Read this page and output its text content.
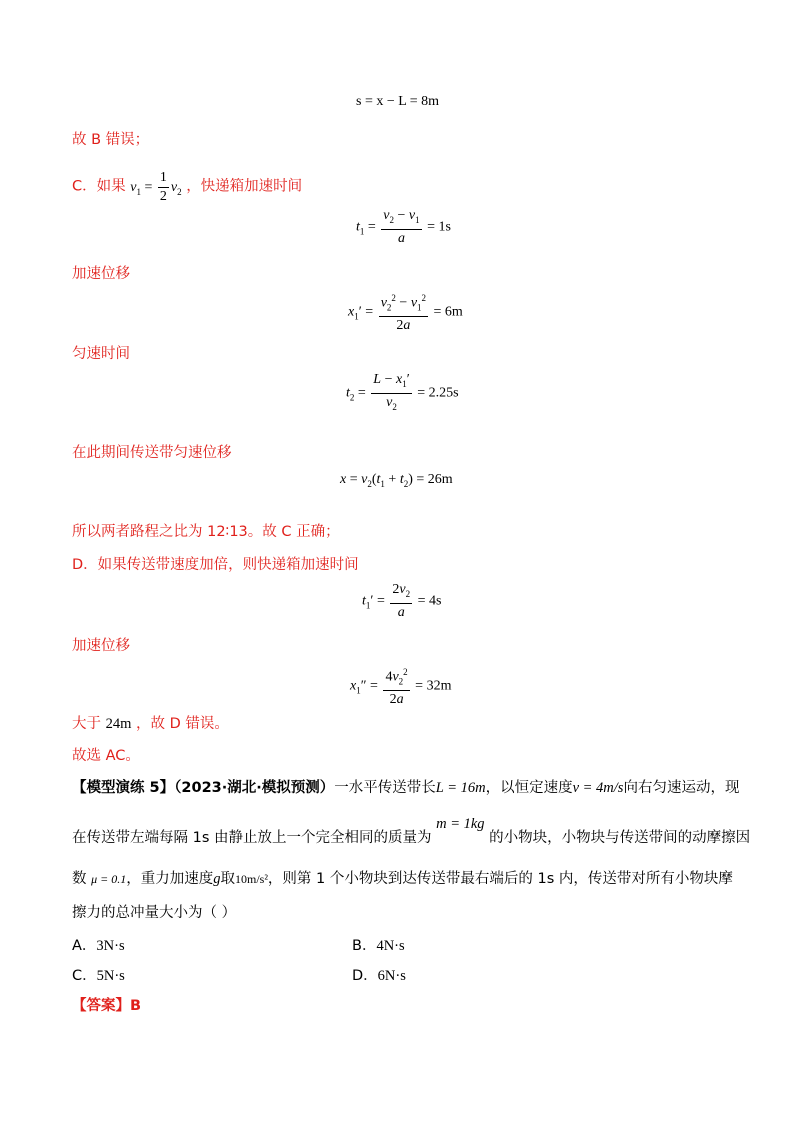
s = x − L = 8m
故 B 错误；
C．如果 $v_1 = \frac{1}{2} v_2$ ，快递箱加速时间
$t_1 = \frac{v_2 - v_1}{a} = 1s$
加速位移
$x_1' = \frac{v_2^2 - v_1^2}{2a} = 6m$
匀速时间
$t_2 = \frac{L - x_1'}{v_2} = 2.25s$
在此期间传送带匀速位移
$x = v_2(t_1 + t_2) = 26m$
所以两者路程之比为 12∶13。故 C 正确；
D．如果传送带速度加倍，则快递箱加速时间
$t_1' = \frac{2v_2}{a} = 4s$
加速位移
$x_1'' = \frac{4v_2^2}{2a} = 32m$
大于 24m ，故 D 错误。
故选 AC。
【模型演练 5】（2023·湖北·模拟预测）一水平传送带长L = 16m，以恒定速度v = 4m/s向右匀速运动，现
在传送带左端每隔 1s 由静止放上一个完全相同的质量为 m = 1kg 的小物块，小物块与传送带间的动摩擦因
数 μ = 0.1，重力加速度g取10m/s²，则第 1 个小物块到达传送带最右端后的 1s 内，传送带对所有小物块摩
擦力的总冲量大小为（ ）
A．3N·s	B．4N·s
C．5N·s	D．6N·s
【答案】B
